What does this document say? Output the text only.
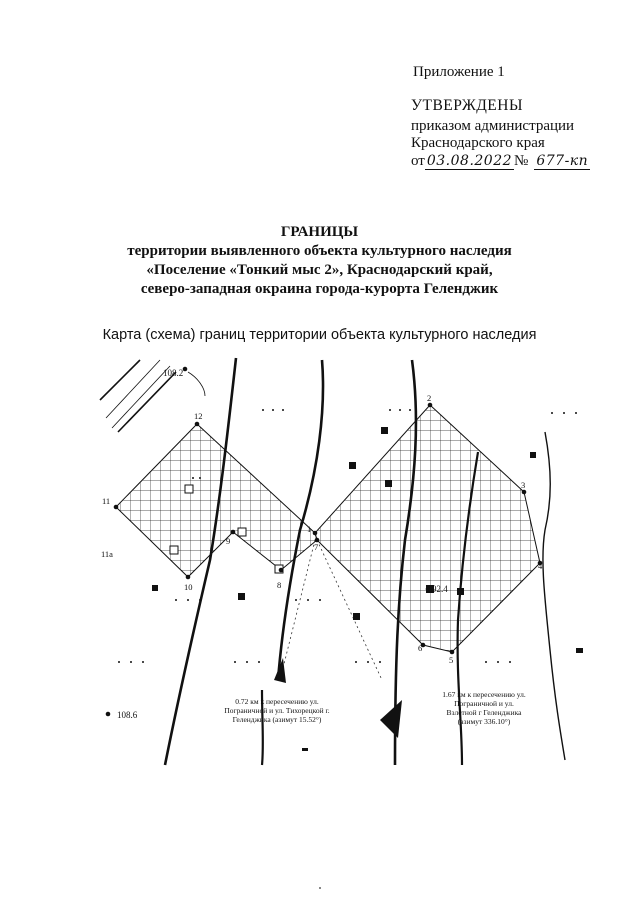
Приложение 1
УТВЕРЖДЕНЫ
приказом администрации
Краснодарского края
от 03.08.2022 № 677-кп
ГРАНИЦЫ
территории выявленного объекта культурного наследия
«Поселение «Тонкий мыс 2», Краснодарский край,
северо-западная окраина города-курорта Геленджик
Карта (схема) границ территории объекта культурного наследия
12
2
3
4
5
6
7
1
8
9
10
11
11a
108.2
108.6
92.4
0.72 км к пересечению ул. Пограничной и ул. Тихорецкой г. Геленджика (азимут 15.52°)
1.67 км к пересечению ул. Пограничной и ул. Взлетной г Геленджика (азимут 336.10°)
